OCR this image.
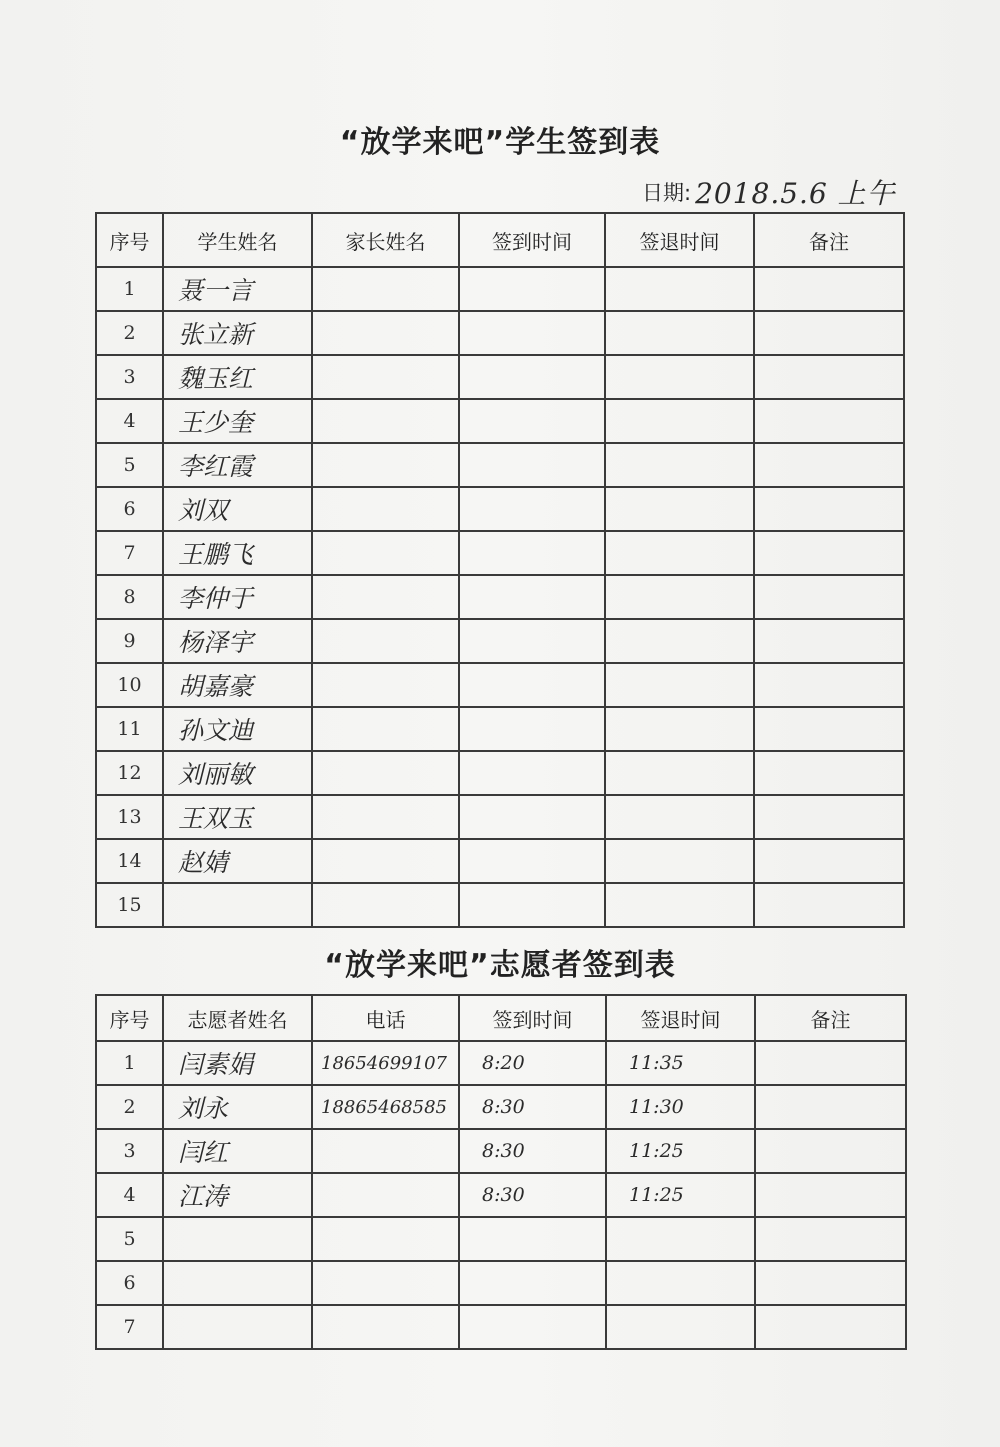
“放学来吧”学生签到表
日期: 2018.5.6 上午
序号	学生姓名	家长姓名	签到时间	签退时间	备注
1	聂一言				
2	张立新				
3	魏玉红				
4	王少奎				
5	李红霞				
6	刘双				
7	王鹏飞				
8	李仲于				
9	杨泽宇				
10	胡嘉豪				
11	孙文迪				
12	刘丽敏				
13	王双玉				
14	赵婧				
15					
“放学来吧”志愿者签到表
序号	志愿者姓名	电话	签到时间	签退时间	备注
1	闫素娟	18654699107	8:20	11:35	
2	刘永	18865468585	8:30	11:30	
3	闫红		8:30	11:25	
4	江涛		8:30	11:25	
5					
6					
7					
